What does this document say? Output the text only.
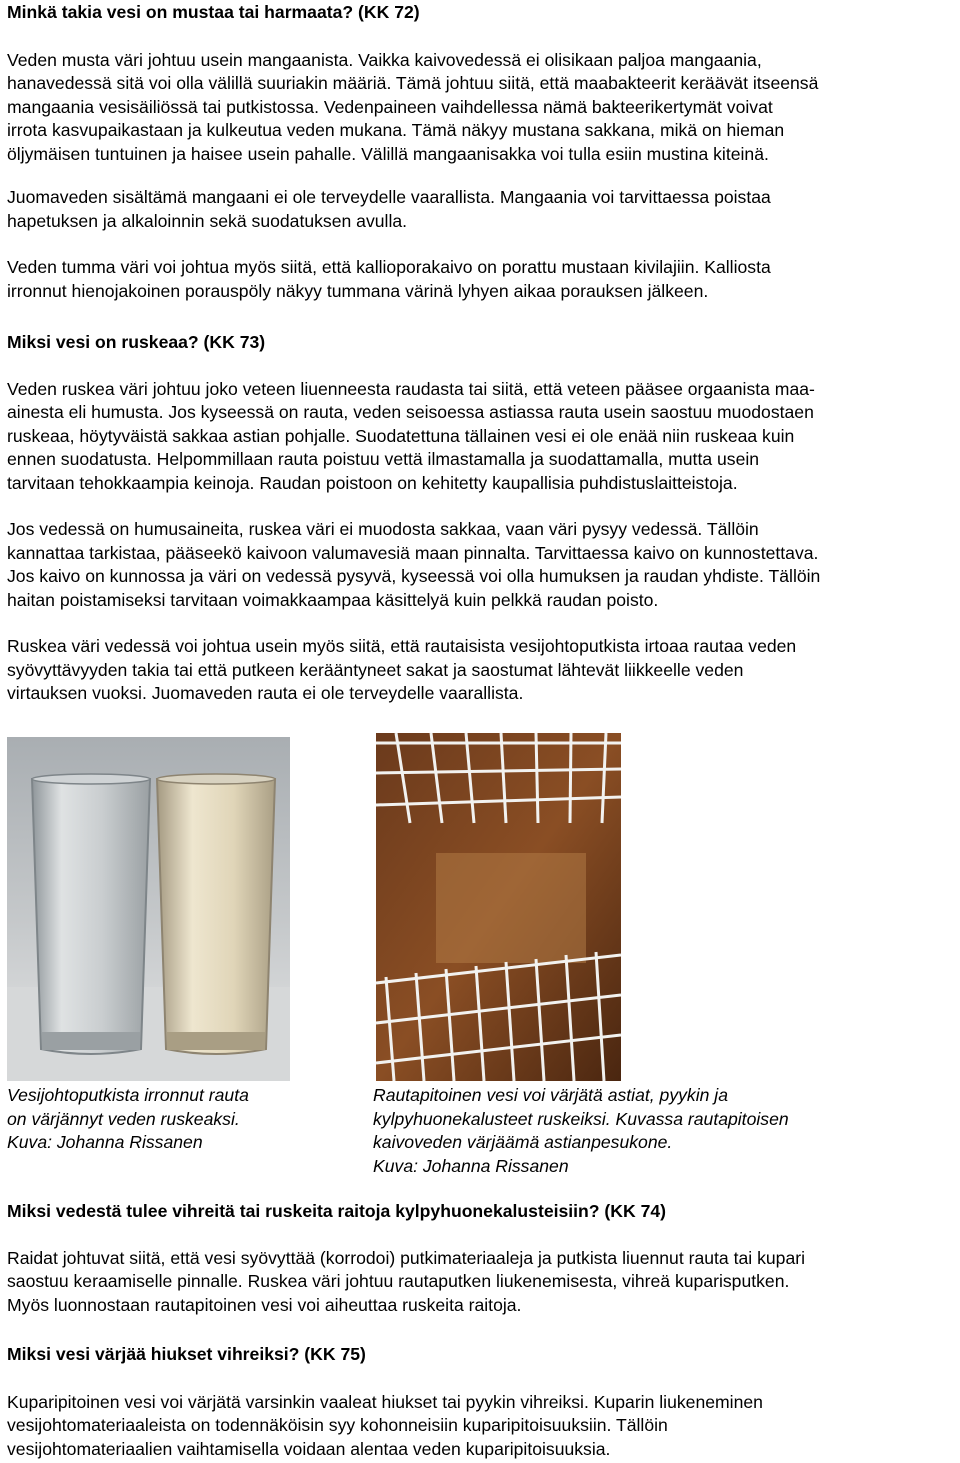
Minkä takia vesi on mustaa tai harmaata? (KK 72)
Veden musta väri johtuu usein mangaanista. Vaikka kaivovedessä ei olisikaan paljoa mangaania,
hanavedessä sitä voi olla välillä suuriakin määriä. Tämä johtuu siitä, että maabakteerit keräävät itseensä
mangaania vesisäiliössä tai putkistossa. Vedenpaineen vaihdellessa nämä bakteerikertymät voivat
irrota kasvupaikastaan ja kulkeutua veden mukana. Tämä näkyy mustana sakkana, mikä on hieman
öljymäisen tuntuinen ja haisee usein pahalle. Välillä mangaanisakka voi tulla esiin mustina kiteinä.
Juomaveden sisältämä mangaani ei ole terveydelle vaarallista. Mangaania voi tarvittaessa poistaa
hapetuksen ja alkaloinnin sekä suodatuksen avulla.
Veden tumma väri voi johtua myös siitä, että kallioporakaivo on porattu mustaan kivilajiin. Kalliosta
irronnut hienojakoinen porauspöly näkyy tummana värinä lyhyen aikaa porauksen jälkeen.
Miksi vesi on ruskeaa? (KK 73)
Veden ruskea väri johtuu joko veteen liuenneesta raudasta tai siitä, että veteen pääsee orgaanista maa-
ainesta eli humusta. Jos kyseessä on rauta, veden seisoessa astiassa rauta usein saostuu muodostaen
ruskeaa, höytyväistä sakkaa astian pohjalle. Suodatettuna tällainen vesi ei ole enää niin ruskeaa kuin
ennen suodatusta. Helpommillaan rauta poistuu vettä ilmastamalla ja suodattamalla, mutta usein
tarvitaan tehokkaampia keinoja. Raudan poistoon on kehitetty kaupallisia puhdistuslaitteistoja.
Jos vedessä on humusaineita, ruskea väri ei muodosta sakkaa, vaan väri pysyy vedessä. Tällöin
kannattaa tarkistaa, pääseekö kaivoon valumavesiä maan pinnalta. Tarvittaessa kaivo on kunnostettava.
Jos kaivo on kunnossa ja väri on vedessä pysyvä, kyseessä voi olla humuksen ja raudan yhdiste. Tällöin
haitan poistamiseksi tarvitaan voimakkaampaa käsittelyä kuin pelkkä raudan poisto.
Ruskea väri vedessä voi johtua usein myös siitä, että rautaisista vesijohtoputkista irtoaa rautaa veden
syövyttävyyden takia tai että putkeen kerääntyneet sakat ja saostumat lähtevät liikkeelle veden
virtauksen vuoksi. Juomaveden rauta ei ole terveydelle vaarallista.
Vesijohtoputkista irronnut rauta
on värjännyt veden ruskeaksi.
Kuva: Johanna Rissanen
Rautapitoinen vesi voi värjätä astiat, pyykin ja
kylpyhuonekalusteet ruskeiksi. Kuvassa rautapitoisen
kaivoveden värjäämä astianpesukone.
Kuva: Johanna Rissanen
Miksi vedestä tulee vihreitä tai ruskeita raitoja kylpyhuonekalusteisiin? (KK 74)
Raidat johtuvat siitä, että vesi syövyttää (korrodoi) putkimateriaaleja ja putkista liuennut rauta tai kupari
saostuu keraamiselle pinnalle. Ruskea väri johtuu rautaputken liukenemisesta, vihreä kuparisputken.
Myös luonnostaan rautapitoinen vesi voi aiheuttaa ruskeita raitoja.
Miksi vesi värjää hiukset vihreiksi? (KK 75)
Kuparipitoinen vesi voi värjätä varsinkin vaaleat hiukset tai pyykin vihreiksi. Kuparin liukeneminen
vesijohtomateriaaleista on todennäköisin syy kohonneisiin kuparipitoisuuksiin. Tällöin
vesijohtomateriaalien vaihtamisella voidaan alentaa veden kuparipitoisuuksia.
